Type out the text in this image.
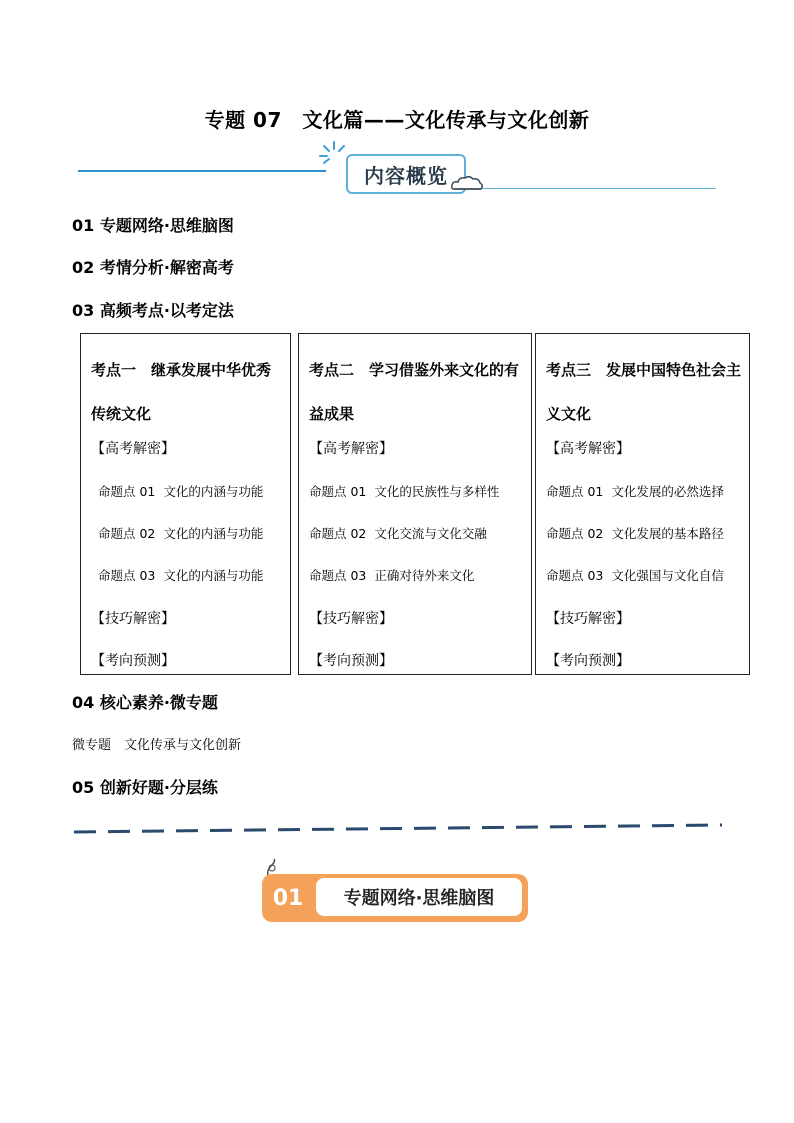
专题 07　文化篇——文化传承与文化创新
内容概览
01 专题网络·思维脑图
02 考情分析·解密高考
03 高频考点·以考定法
考点一　继承发展中华优秀传统文化
【高考解密】
命题点 01 文化的内涵与功能
命题点 02 文化的内涵与功能
命题点 03 文化的内涵与功能
【技巧解密】
【考向预测】
考点二　学习借鉴外来文化的有益成果
【高考解密】
命题点 01 文化的民族性与多样性
命题点 02 文化交流与文化交融
命题点 03 正确对待外来文化
【技巧解密】
【考向预测】
考点三　发展中国特色社会主义文化
【高考解密】
命题点 01 文化发展的必然选择
命题点 02 文化发展的基本路径
命题点 03 文化强国与文化自信
【技巧解密】
【考向预测】
04 核心素养·微专题
微专题　文化传承与文化创新
05 创新好题·分层练
01	专题网络·思维脑图
